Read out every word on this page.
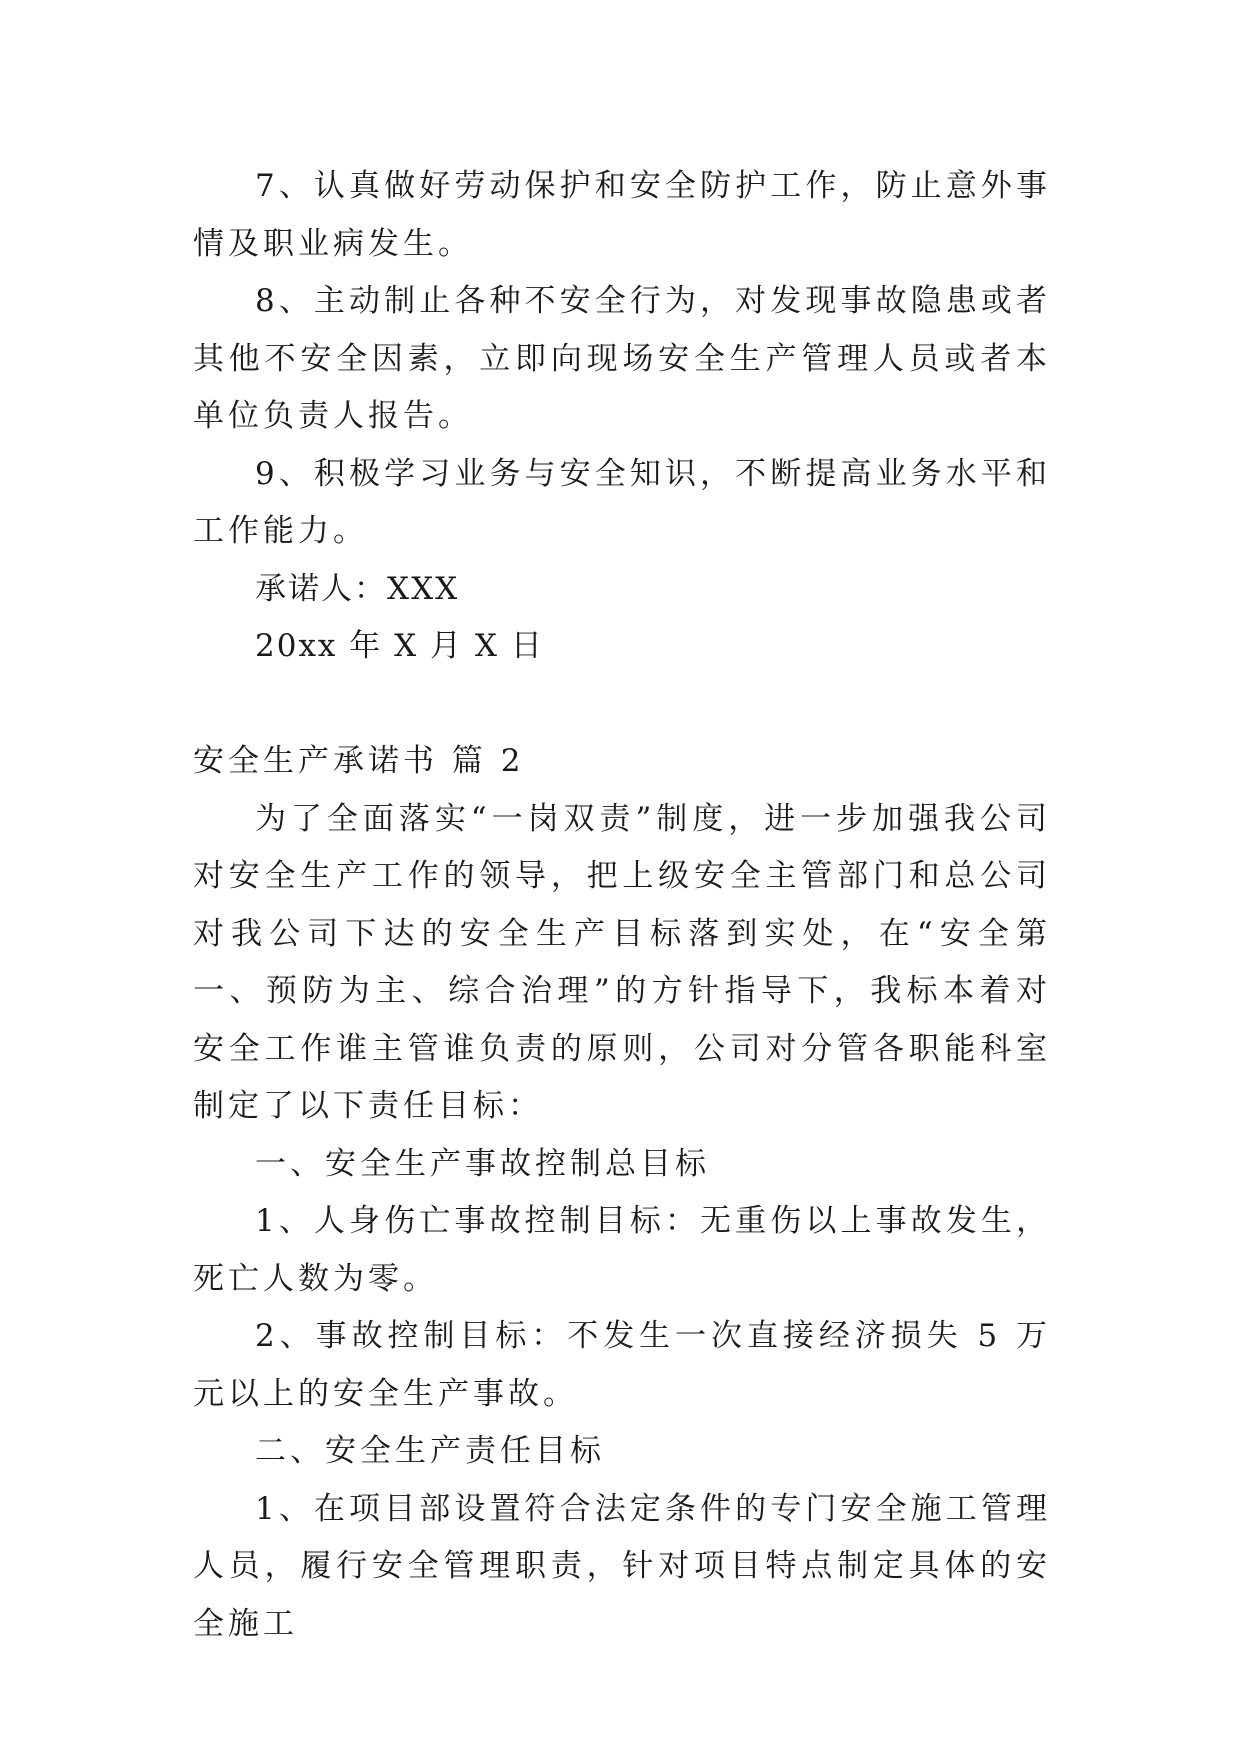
7、认真做好劳动保护和安全防护工作，防止意外事情及职业病发生。

8、主动制止各种不安全行为，对发现事故隐患或者其他不安全因素，立即向现场安全生产管理人员或者本单位负责人报告。

9、积极学习业务与安全知识，不断提高业务水平和工作能力。

承诺人：XXX

20xx 年 X 月 X 日

安全生产承诺书 篇 2

为了全面落实“一岗双责”制度，进一步加强我公司对安全生产工作的领导，把上级安全主管部门和总公司对我公司下达的安全生产目标落到实处，在“安全第一、预防为主、综合治理”的方针指导下，我标本着对安全工作谁主管谁负责的原则，公司对分管各职能科室制定了以下责任目标：

一、安全生产事故控制总目标

1、人身伤亡事故控制目标：无重伤以上事故发生，死亡人数为零。

2、事故控制目标：不发生一次直接经济损失 5 万元以上的安全生产事故。

二、安全生产责任目标

1、在项目部设置符合法定条件的专门安全施工管理人员，履行安全管理职责，针对项目特点制定具体的安全施工
